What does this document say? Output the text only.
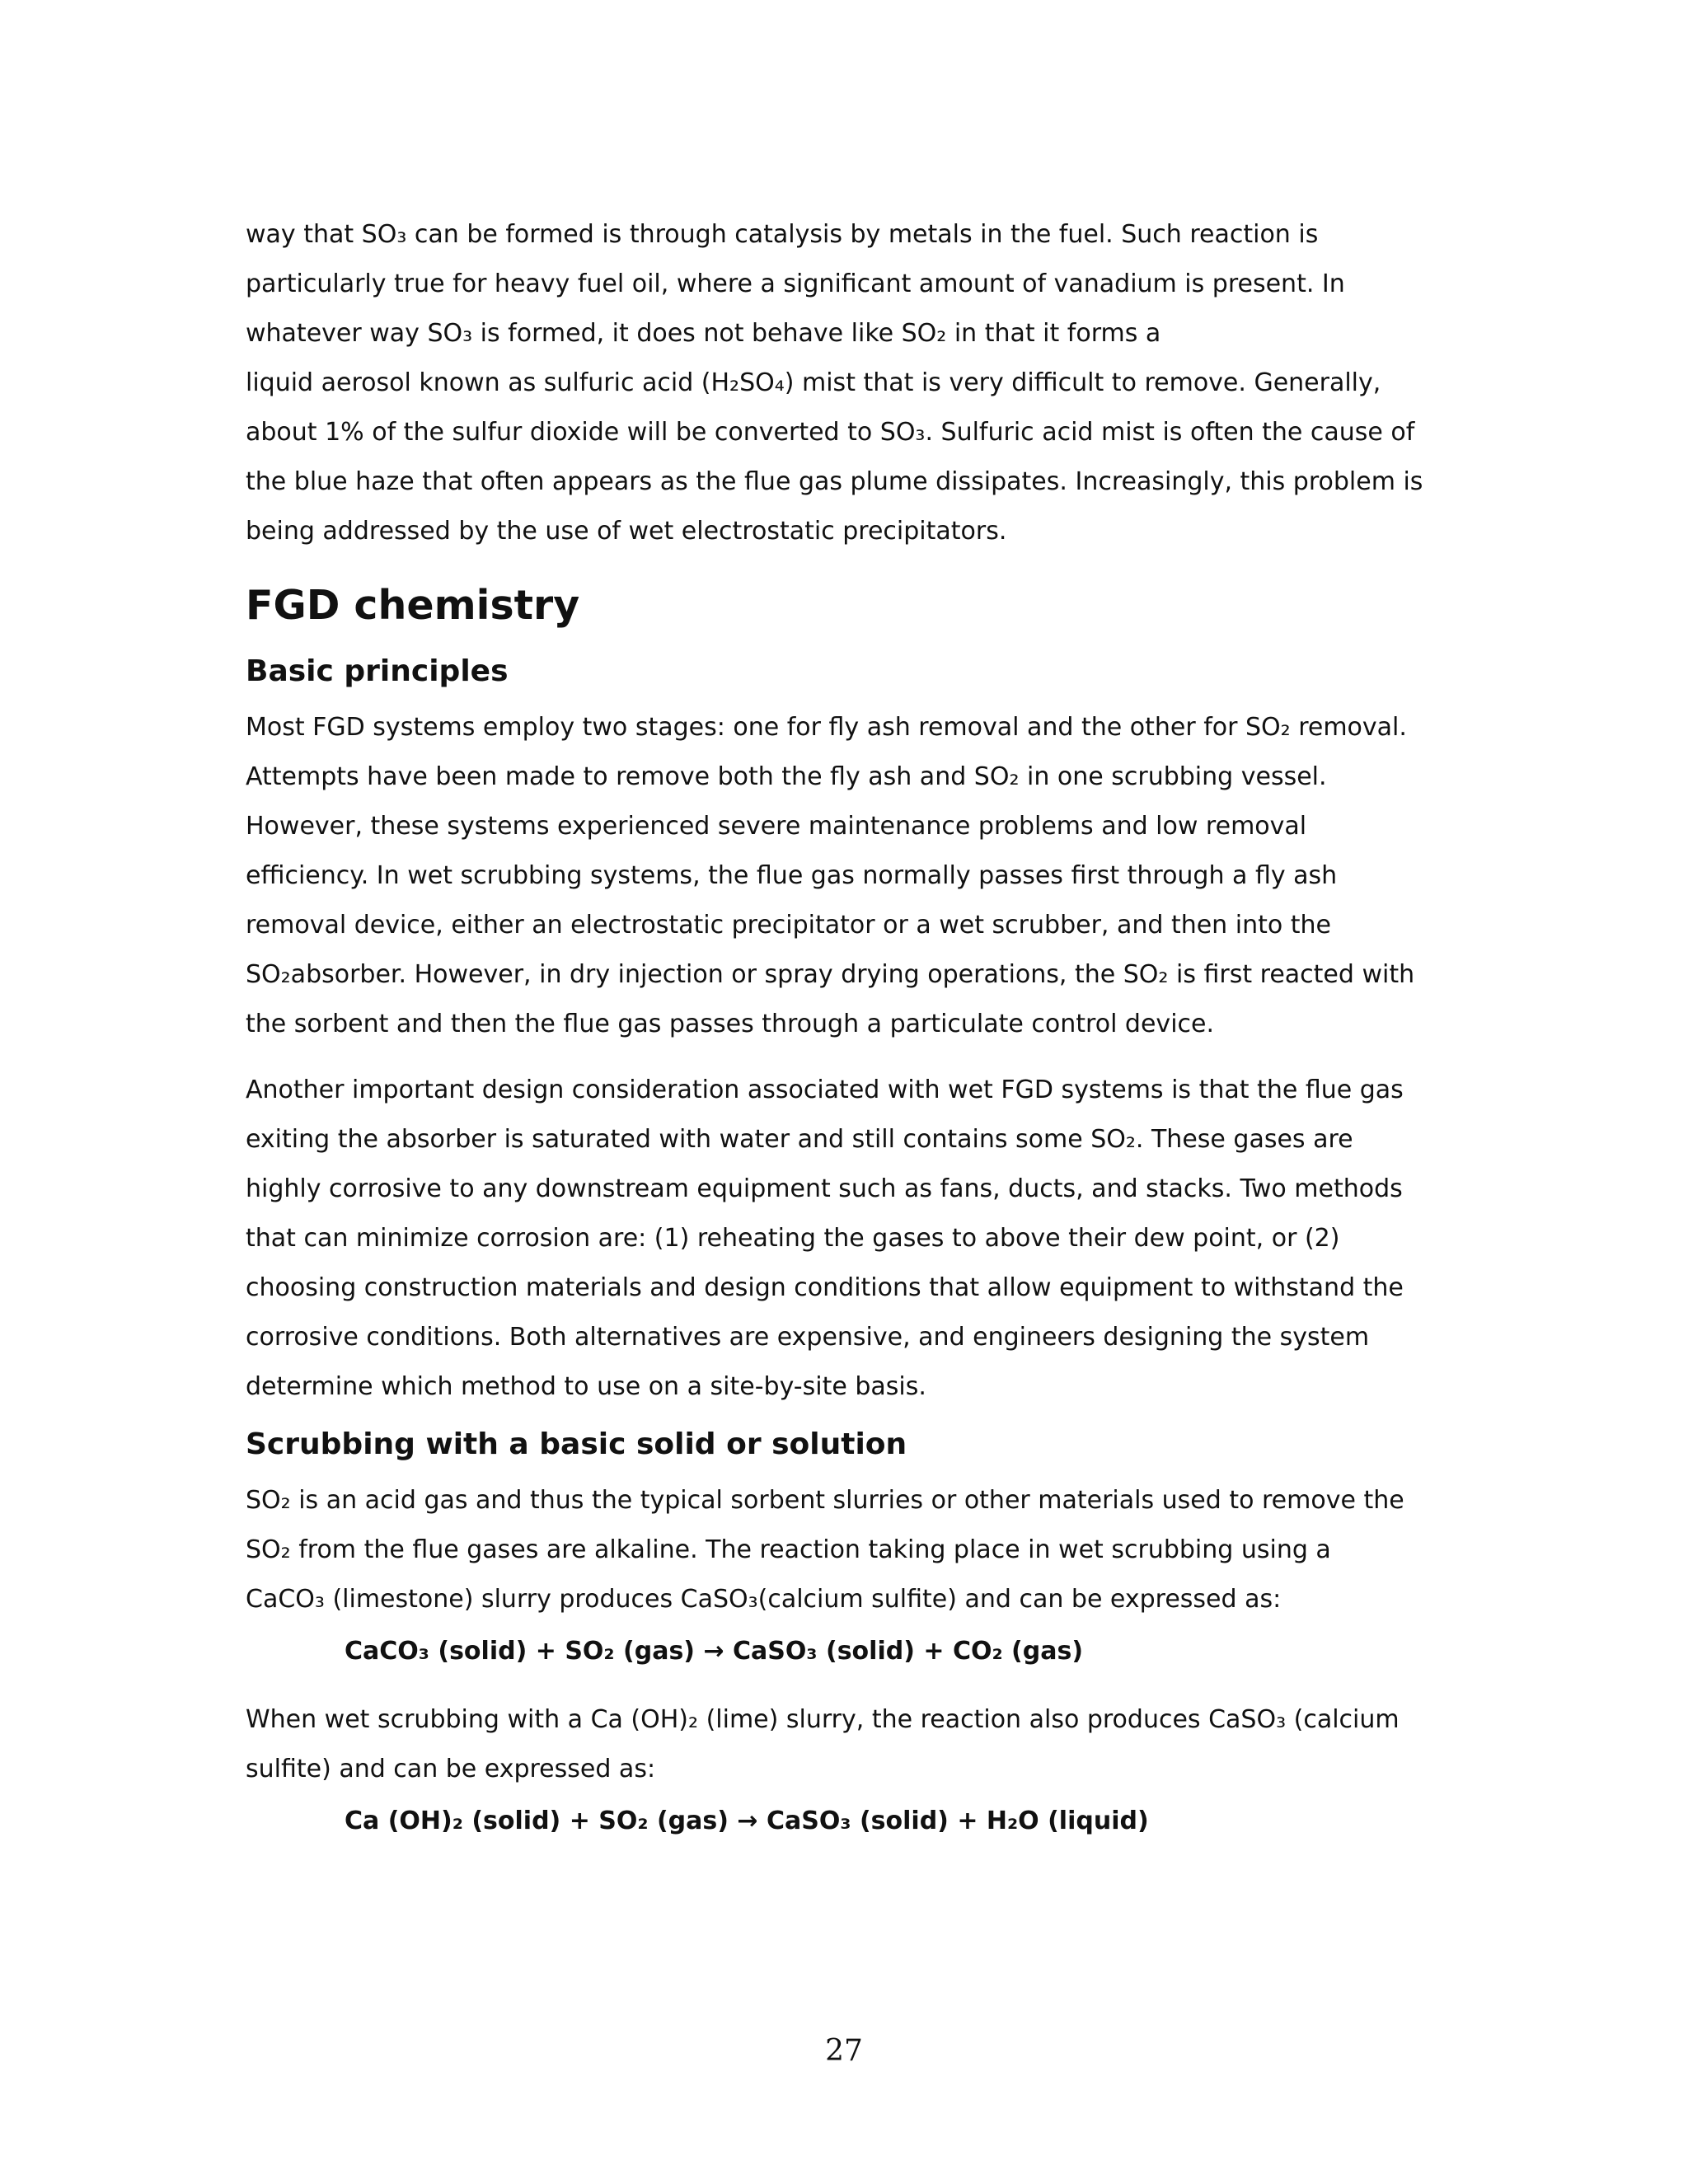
way that SO₃ can be formed is through catalysis by metals in the fuel. Such reaction is
particularly true for heavy fuel oil, where a significant amount of vanadium is present. In
whatever way SO₃ is formed, it does not behave like SO₂ in that it forms a
liquid aerosol known as sulfuric acid (H₂SO₄) mist that is very difficult to remove. Generally,
about 1% of the sulfur dioxide will be converted to SO₃. Sulfuric acid mist is often the cause of
the blue haze that often appears as the flue gas plume dissipates. Increasingly, this problem is
being addressed by the use of wet electrostatic precipitators.

FGD chemistry
Basic principles

Most FGD systems employ two stages: one for fly ash removal and the other for SO₂ removal.
Attempts have been made to remove both the fly ash and SO₂ in one scrubbing vessel.
However, these systems experienced severe maintenance problems and low removal
efficiency. In wet scrubbing systems, the flue gas normally passes first through a fly ash
removal device, either an electrostatic precipitator or a wet scrubber, and then into the
SO₂absorber. However, in dry injection or spray drying operations, the SO₂ is first reacted with
the sorbent and then the flue gas passes through a particulate control device.

Another important design consideration associated with wet FGD systems is that the flue gas
exiting the absorber is saturated with water and still contains some SO₂. These gases are
highly corrosive to any downstream equipment such as fans, ducts, and stacks. Two methods
that can minimize corrosion are: (1) reheating the gases to above their dew point, or (2)
choosing construction materials and design conditions that allow equipment to withstand the
corrosive conditions. Both alternatives are expensive, and engineers designing the system
determine which method to use on a site-by-site basis.

Scrubbing with a basic solid or solution

SO₂ is an acid gas and thus the typical sorbent slurries or other materials used to remove the
SO₂ from the flue gases are alkaline. The reaction taking place in wet scrubbing using a
CaCO₃ (limestone) slurry produces CaSO₃(calcium sulfite) and can be expressed as:

CaCO₃ (solid) + SO₂ (gas) → CaSO₃ (solid) + CO₂ (gas)

When wet scrubbing with a Ca (OH)₂ (lime) slurry, the reaction also produces CaSO₃ (calcium
sulfite) and can be expressed as:

Ca (OH)₂ (solid) + SO₂ (gas) → CaSO₃ (solid) + H₂O (liquid)

27
